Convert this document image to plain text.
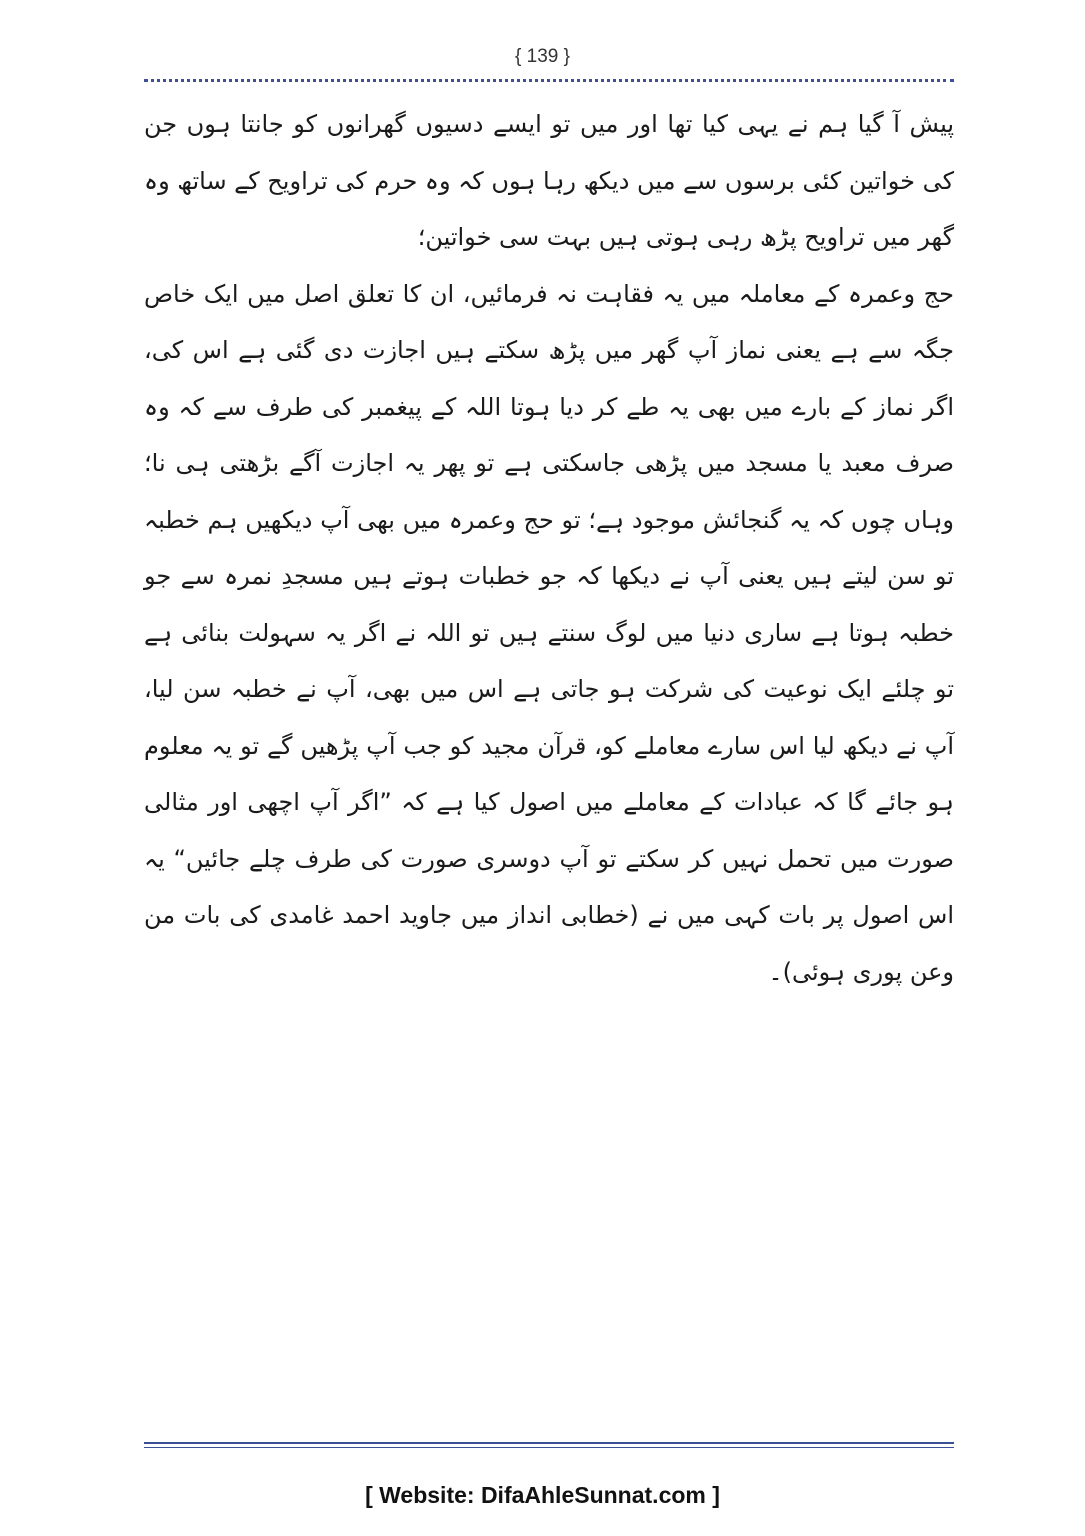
{ 139 }

پیش آ گیا ہم نے یہی کیا تھا اور میں تو ایسے دسیوں گھرانوں کو جانتا ہوں جن کی خواتین کئی برسوں سے میں دیکھ رہا ہوں کہ وہ حرم کی تراویح کے ساتھ وہ گھر میں تراویح پڑھ رہی ہوتی ہیں بہت سی خواتین؛

حج وعمرہ کے معاملہ میں یہ فقاہت نہ فرمائیں، ان کا تعلق اصل میں ایک خاص جگہ سے ہے یعنی نماز آپ گھر میں پڑھ سکتے ہیں اجازت دی گئی ہے اس کی، اگر نماز کے بارے میں بھی یہ طے کر دیا ہوتا اللہ کے پیغمبر کی طرف سے کہ وہ صرف معبد یا مسجد میں پڑھی جاسکتی ہے تو پھر یہ اجازت آگے بڑھتی ہی نا؛ وہاں چوں کہ یہ گنجائش موجود ہے؛ تو حج وعمرہ میں بھی آپ دیکھیں ہم خطبہ تو سن لیتے ہیں یعنی آپ نے دیکھا کہ جو خطبات ہوتے ہیں مسجدِ نمرہ سے جو خطبہ ہوتا ہے ساری دنیا میں لوگ سنتے ہیں تو اللہ نے اگر یہ سہولت بنائی ہے تو چلئے ایک نوعیت کی شرکت ہو جاتی ہے اس میں بھی، آپ نے خطبہ سن لیا، آپ نے دیکھ لیا اس سارے معاملے کو، قرآن مجید کو جب آپ پڑھیں گے تو یہ معلوم ہو جائے گا کہ عبادات کے معاملے میں اصول کیا ہے کہ ”اگر آپ اچھی اور مثالی صورت میں تحمل نہیں کر سکتے تو آپ دوسری صورت کی طرف چلے جائیں“ یہ اس اصول پر بات کہی میں نے (خطابی انداز میں جاوید احمد غامدی کی بات من وعن پوری ہوئی)۔

[ Website: DifaAhleSunnat.com ]
